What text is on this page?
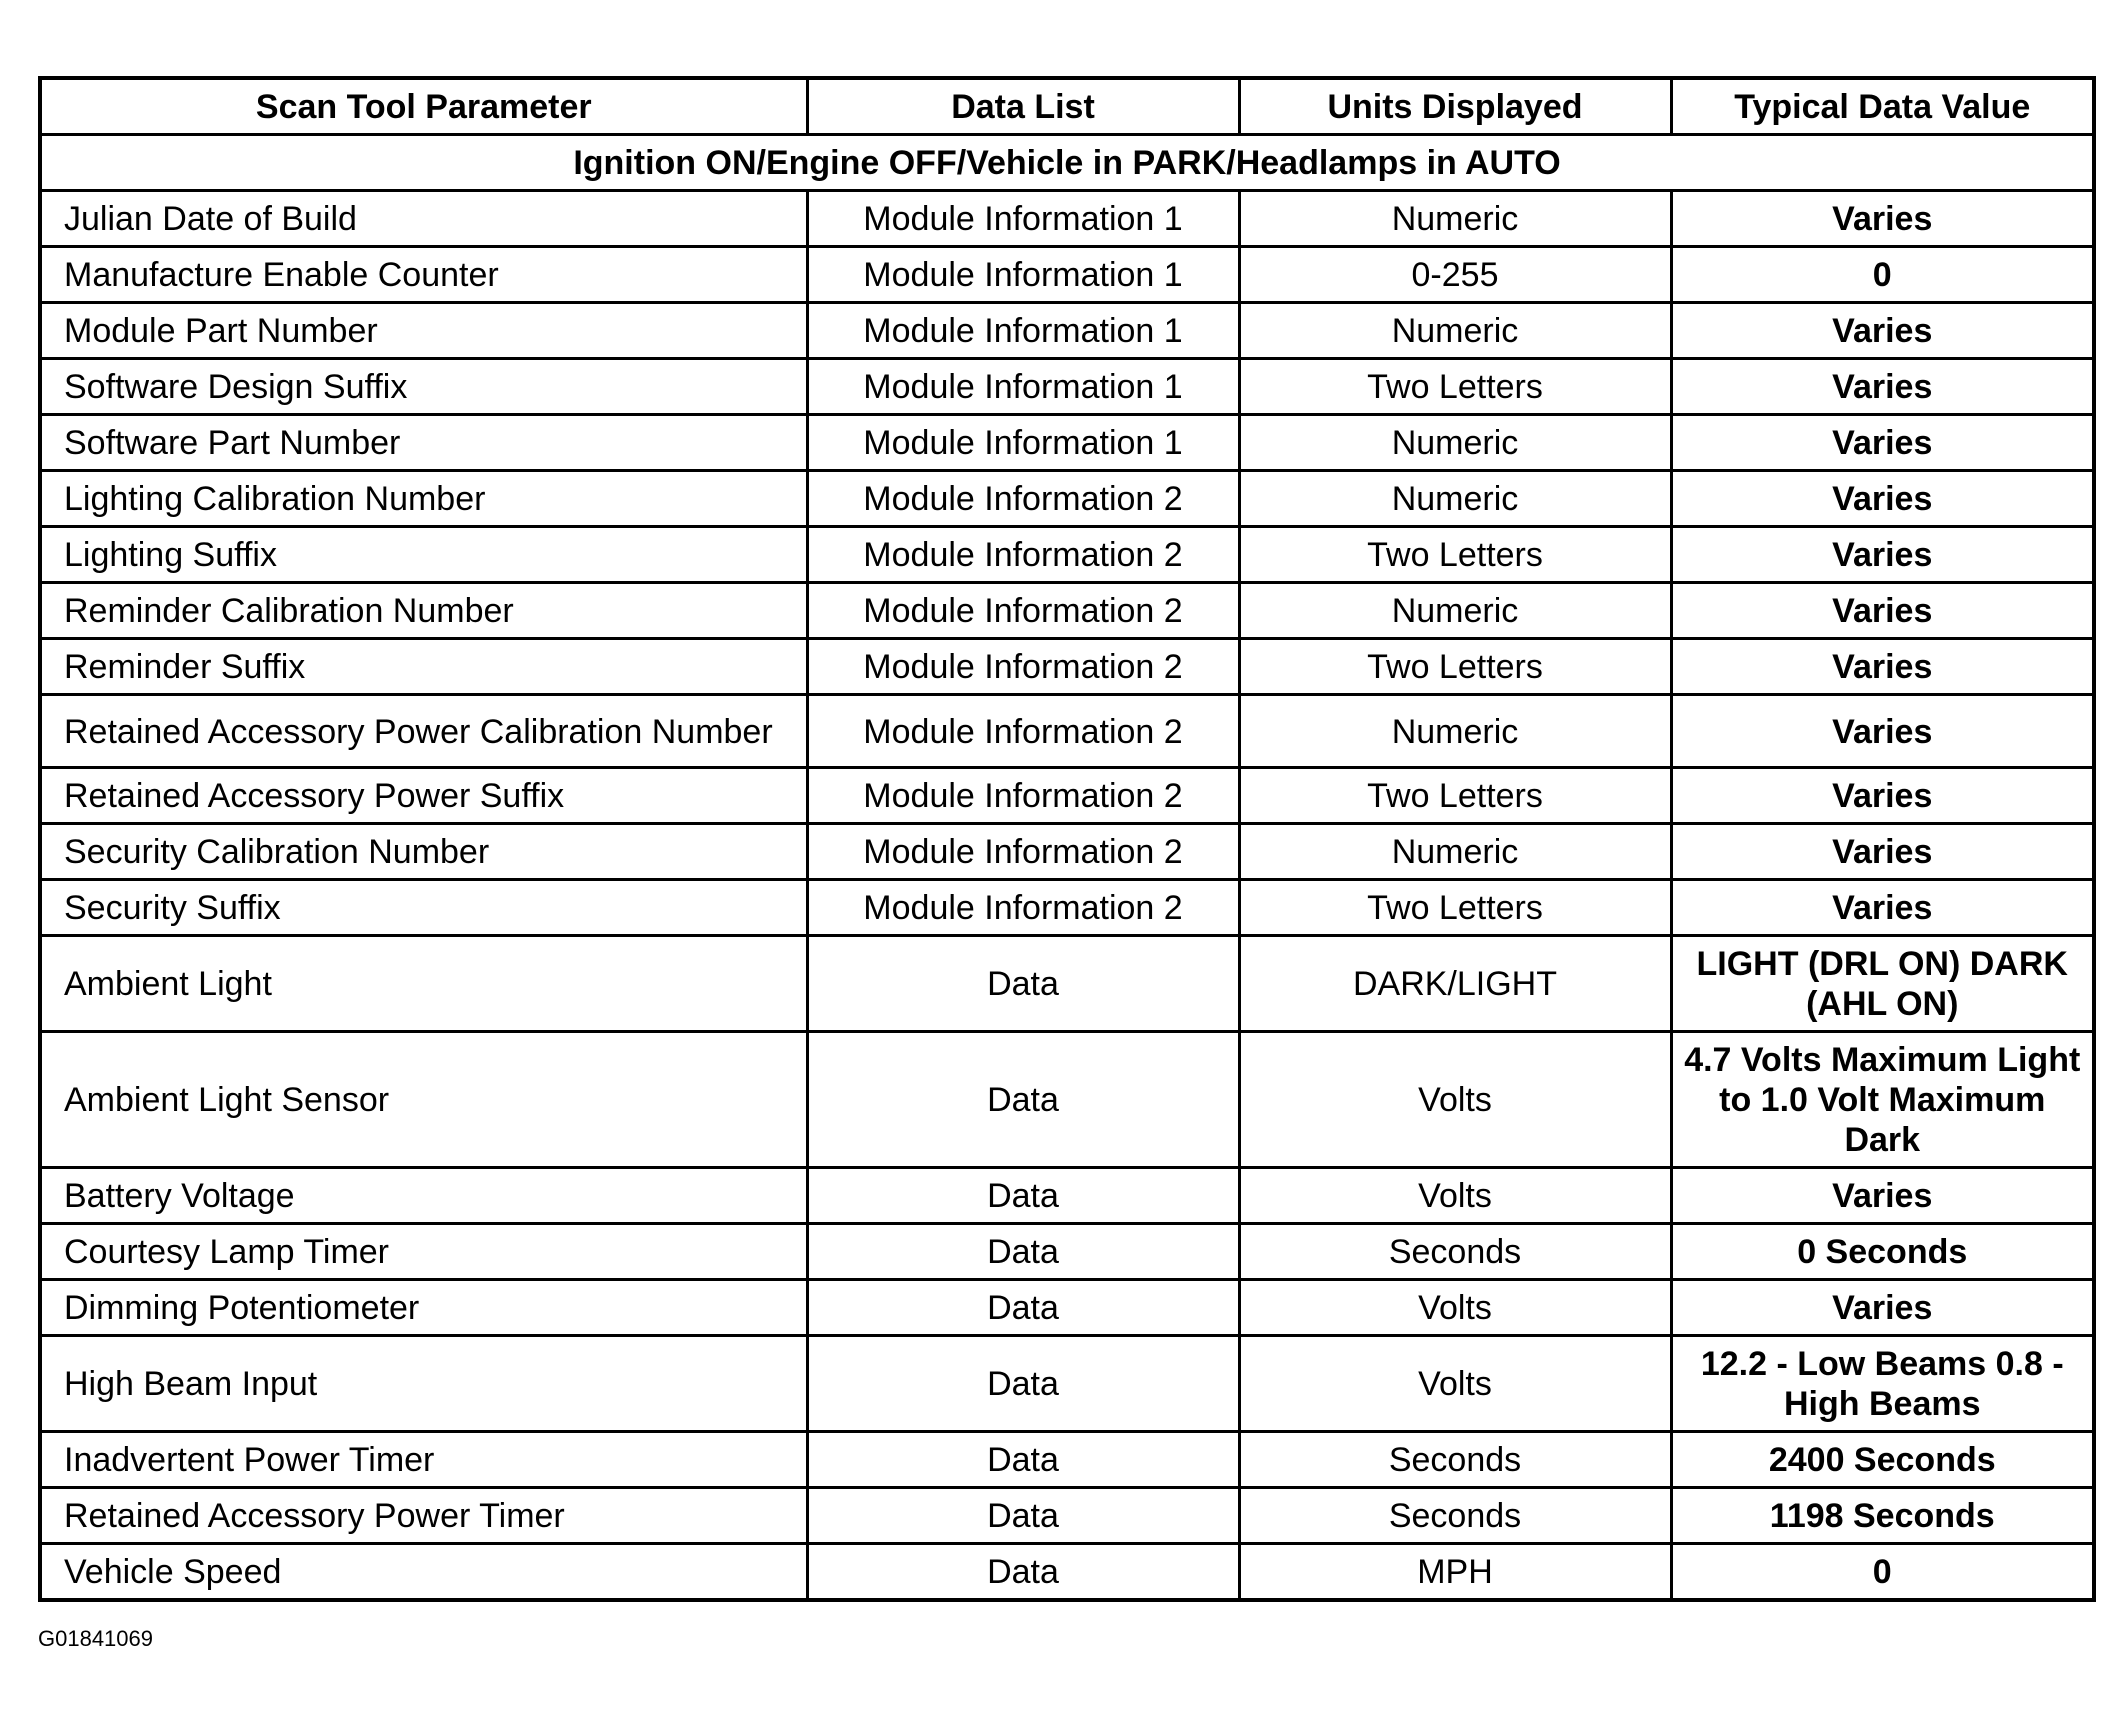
Scan Tool Parameter	Data List	Units Displayed	Typical Data Value
Ignition ON/Engine OFF/Vehicle in PARK/Headlamps in AUTO			
Julian Date of Build	Module Information 1	Numeric	Varies
Manufacture Enable Counter	Module Information 1	0-255	0
Module Part Number	Module Information 1	Numeric	Varies
Software Design Suffix	Module Information 1	Two Letters	Varies
Software Part Number	Module Information 1	Numeric	Varies
Lighting Calibration Number	Module Information 2	Numeric	Varies
Lighting Suffix	Module Information 2	Two Letters	Varies
Reminder Calibration Number	Module Information 2	Numeric	Varies
Reminder Suffix	Module Information 2	Two Letters	Varies
Retained Accessory Power Calibration Number	Module Information 2	Numeric	Varies
Retained Accessory Power Suffix	Module Information 2	Two Letters	Varies
Security Calibration Number	Module Information 2	Numeric	Varies
Security Suffix	Module Information 2	Two Letters	Varies
Ambient Light	Data	DARK/LIGHT	LIGHT (DRL ON) DARK (AHL ON)
Ambient Light Sensor	Data	Volts	4.7 Volts Maximum Light to 1.0 Volt Maximum Dark
Battery Voltage	Data	Volts	Varies
Courtesy Lamp Timer	Data	Seconds	0 Seconds
Dimming Potentiometer	Data	Volts	Varies
High Beam Input	Data	Volts	12.2 - Low Beams 0.8 - High Beams
Inadvertent Power Timer	Data	Seconds	2400 Seconds
Retained Accessory Power Timer	Data	Seconds	1198 Seconds
Vehicle Speed	Data	MPH	0
G01841069
